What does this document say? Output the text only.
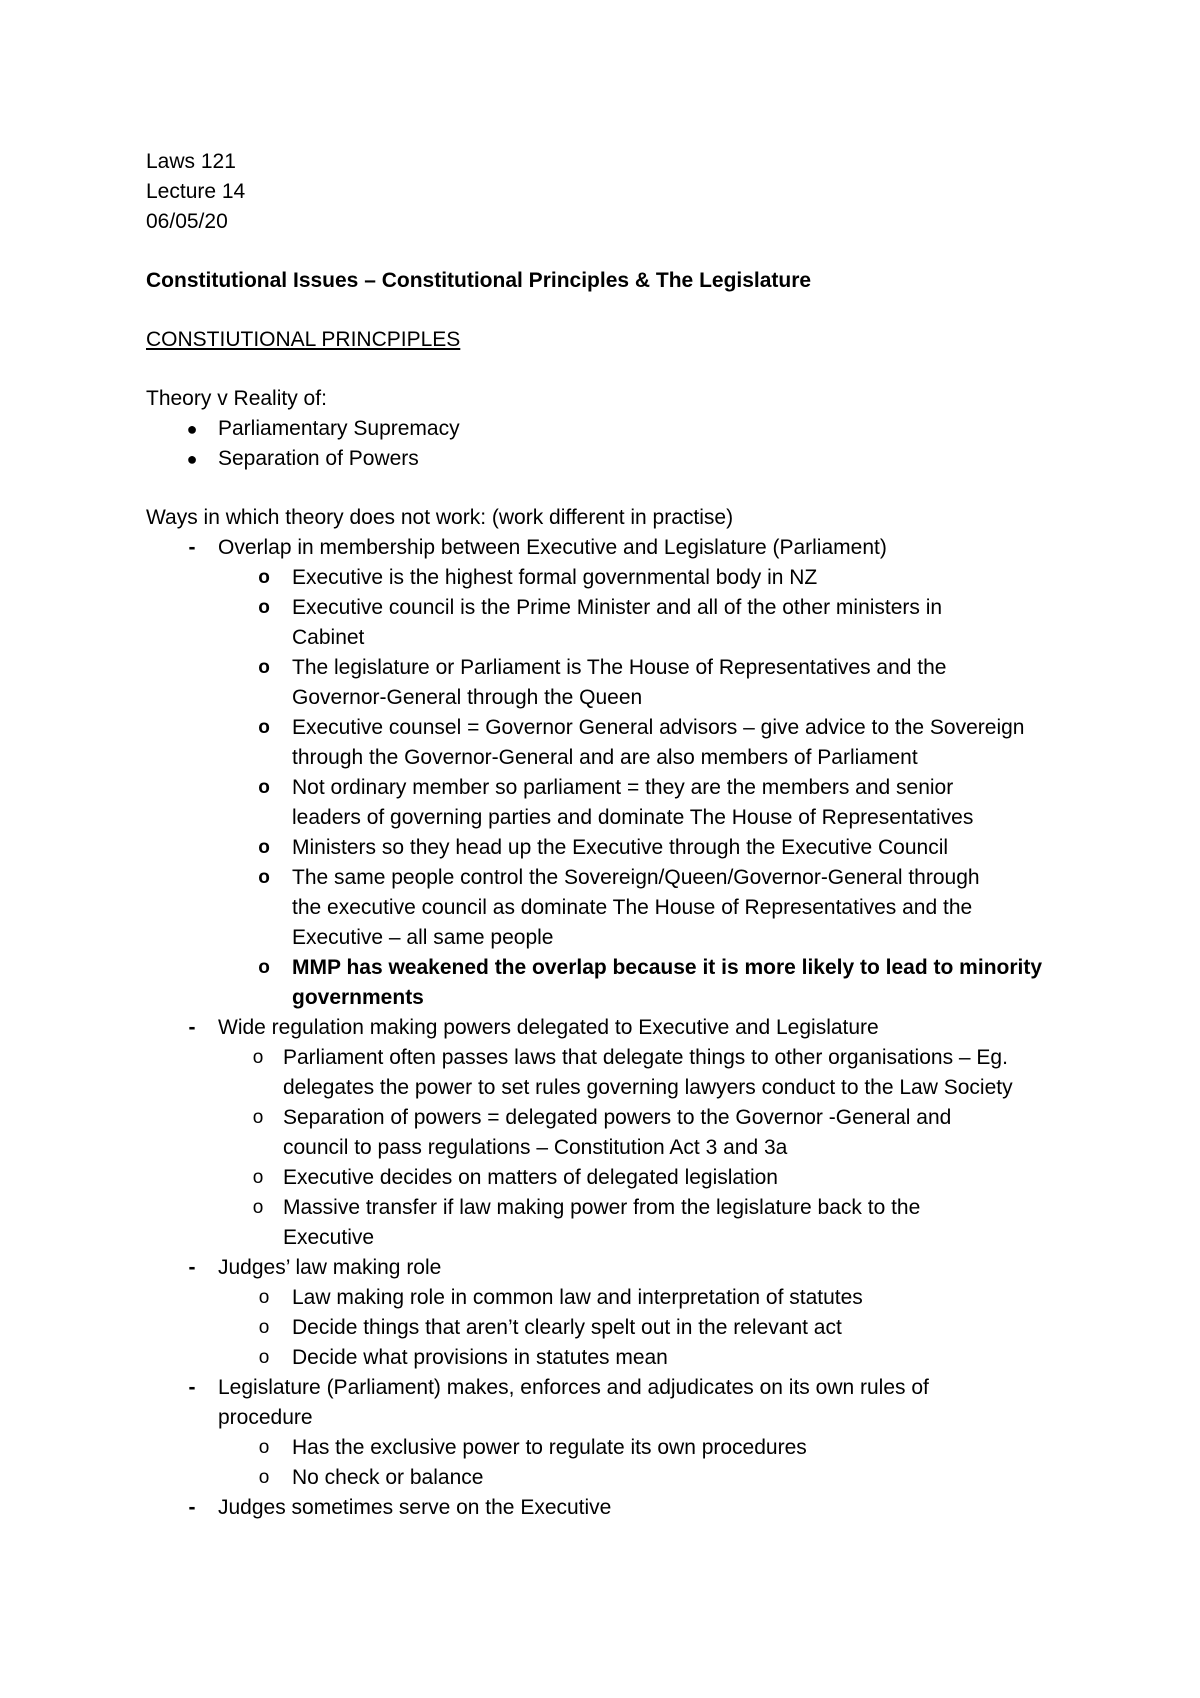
Laws 121
Lecture 14
06/05/20
Constitutional Issues – Constitutional Principles & The Legislature
CONSTIUTIONAL PRINCPIPLES
Theory v Reality of:
● Parliamentary Supremacy
● Separation of Powers
Ways in which theory does not work: (work different in practise)
-	Overlap in membership between Executive and Legislature (Parliament)
o Executive is the highest formal governmental body in NZ
o Executive council is the Prime Minister and all of the other ministers in
Cabinet
o The legislature or Parliament is The House of Representatives and the
Governor-General through the Queen
o Executive counsel = Governor General advisors – give advice to the Sovereign
through the Governor-General and are also members of Parliament
o Not ordinary member so parliament = they are the members and senior
leaders of governing parties and dominate The House of Representatives
o Ministers so they head up the Executive through the Executive Council
o The same people control the Sovereign/Queen/Governor-General through
the executive council as dominate The House of Representatives and the
Executive – all same people
o MMP has weakened the overlap because it is more likely to lead to minority
governments
-	Wide regulation making powers delegated to Executive and Legislature
o Parliament often passes laws that delegate things to other organisations – Eg.
delegates the power to set rules governing lawyers conduct to the Law Society
o Separation of powers = delegated powers to the Governor -General and
council to pass regulations – Constitution Act 3 and 3a
o Executive decides on matters of delegated legislation
o Massive transfer if law making power from the legislature back to the
Executive
-	Judges’ law making role
o Law making role in common law and interpretation of statutes
o Decide things that aren’t clearly spelt out in the relevant act
o Decide what provisions in statutes mean
-	Legislature (Parliament) makes, enforces and adjudicates on its own rules of
procedure
o Has the exclusive power to regulate its own procedures
o No check or balance
-	Judges sometimes serve on the Executive
